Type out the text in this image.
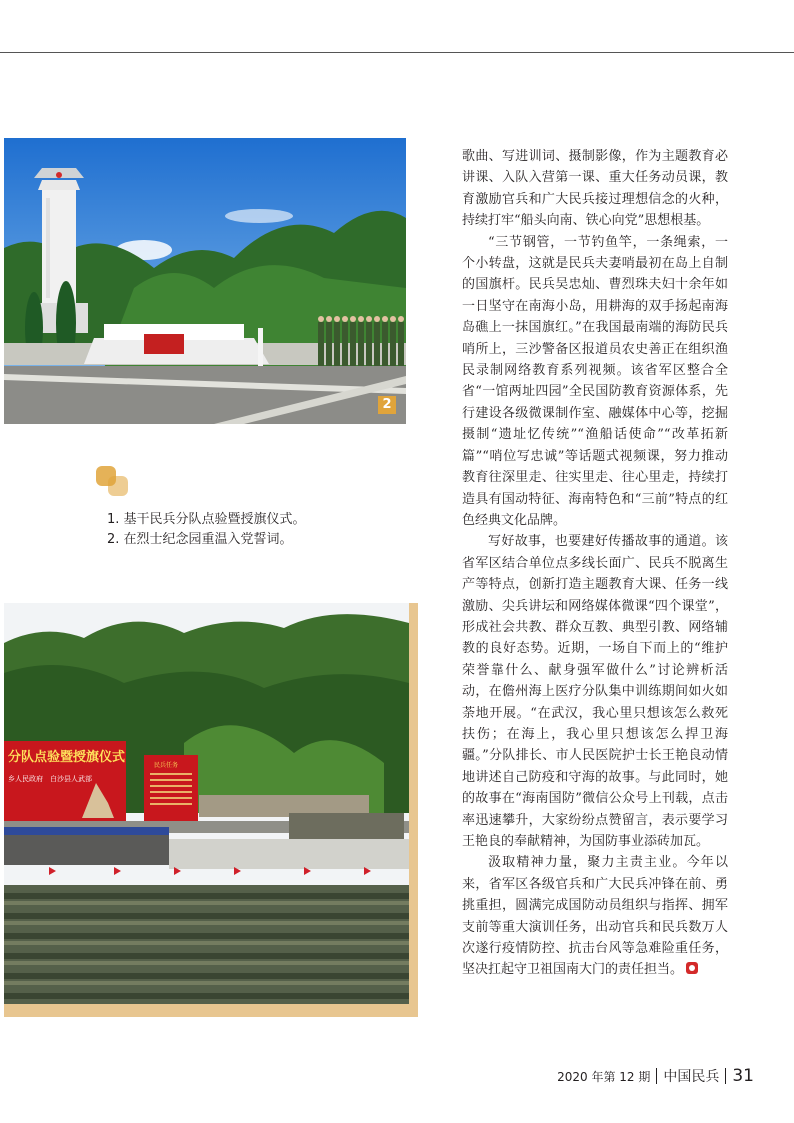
2
1. 基干民兵分队点验暨授旗仪式。
2. 在烈士纪念园重温入党誓词。
分队点验暨授旗仪式
乡人民政府　白沙县人武部
民兵任务

歌曲、写进训词、摄制影像，作为主题教育必讲课、入队入营第一课、重大任务动员课，教育激励官兵和广大民兵接过理想信念的火种，持续打牢“船头向南、铁心向党”思想根基。

“三节钢管，一节钓鱼竿，一条绳索，一个小转盘，这就是民兵夫妻哨最初在岛上自制的国旗杆。民兵吴忠灿、曹烈珠夫妇十余年如一日坚守在南海小岛，用耕海的双手扬起南海岛礁上一抹国旗红。”在我国最南端的海防民兵哨所上，三沙警备区报道员农史善正在组织渔民录制网络教育系列视频。该省军区整合全省“一馆两址四园”全民国防教育资源体系，先行建设各级微课制作室、融媒体中心等，挖掘摄制“遗址忆传统”“渔船话使命”“改革拓新篇”“哨位写忠诚”等话题式视频课，努力推动教育往深里走、往实里走、往心里走，持续打造具有国动特征、海南特色和“三前”特点的红色经典文化品牌。

写好故事，也要建好传播故事的通道。该省军区结合单位点多线长面广、民兵不脱离生产等特点，创新打造主题教育大课、任务一线激励、尖兵讲坛和网络媒体微课“四个课堂”，形成社会共教、群众互教、典型引教、网络辅教的良好态势。近期，一场自下而上的“维护荣誉靠什么、献身强军做什么”讨论辨析活动，在儋州海上医疗分队集中训练期间如火如荼地开展。“在武汉，我心里只想该怎么救死扶伤；在海上，我心里只想该怎么捍卫海疆。”分队排长、市人民医院护士长王艳良动情地讲述自己防疫和守海的故事。与此同时，她的故事在“海南国防”微信公众号上刊载，点击率迅速攀升，大家纷纷点赞留言，表示要学习王艳良的奉献精神，为国防事业添砖加瓦。

汲取精神力量，聚力主责主业。今年以来，省军区各级官兵和广大民兵冲锋在前、勇挑重担，圆满完成国防动员组织与指挥、拥军支前等重大演训任务，出动官兵和民兵数万人次遂行疫情防控、抗击台风等急难险重任务，坚决扛起守卫祖国南大门的责任担当。

2020 年第 12 期 中国民兵 31
